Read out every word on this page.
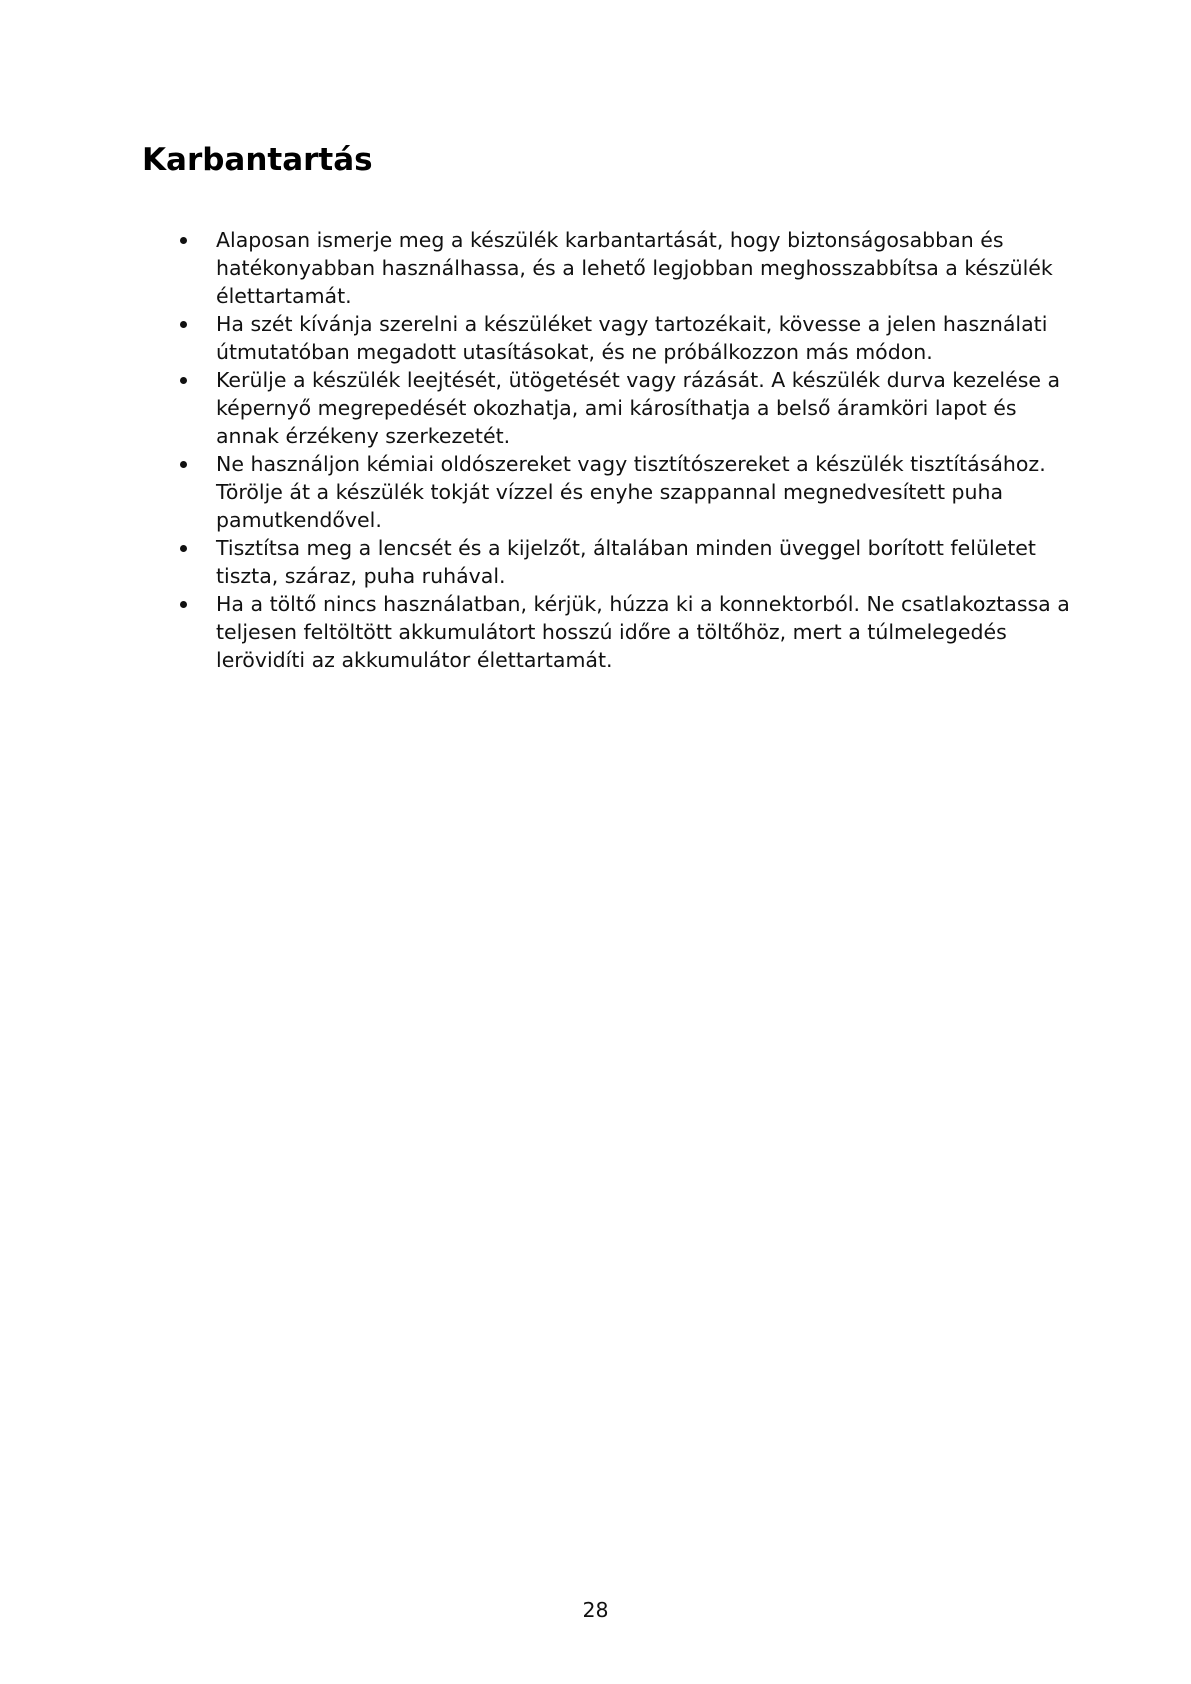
Karbantartás
Alaposan ismerje meg a készülék karbantartását, hogy biztonságosabban és hatékonyabban használhassa, és a lehető legjobban meghosszabbítsa a készülék élettartamát.
Ha szét kívánja szerelni a készüléket vagy tartozékait, kövesse a jelen használati útmutatóban megadott utasításokat, és ne próbálkozzon más módon.
Kerülje a készülék leejtését, ütögetését vagy rázását. A készülék durva kezelése a képernyő megrepedését okozhatja, ami károsíthatja a belső áramköri lapot és annak érzékeny szerkezetét.
Ne használjon kémiai oldószereket vagy tisztítószereket a készülék tisztításához. Törölje át a készülék tokját vízzel és enyhe szappannal megnedvesített puha pamutkendővel.
Tisztítsa meg a lencsét és a kijelzőt, általában minden üveggel borított felületet tiszta, száraz, puha ruhával.
Ha a töltő nincs használatban, kérjük, húzza ki a konnektorból. Ne csatlakoztassa a teljesen feltöltött akkumulátort hosszú időre a töltőhöz, mert a túlmelegedés lerövidíti az akkumulátor élettartamát.
28
